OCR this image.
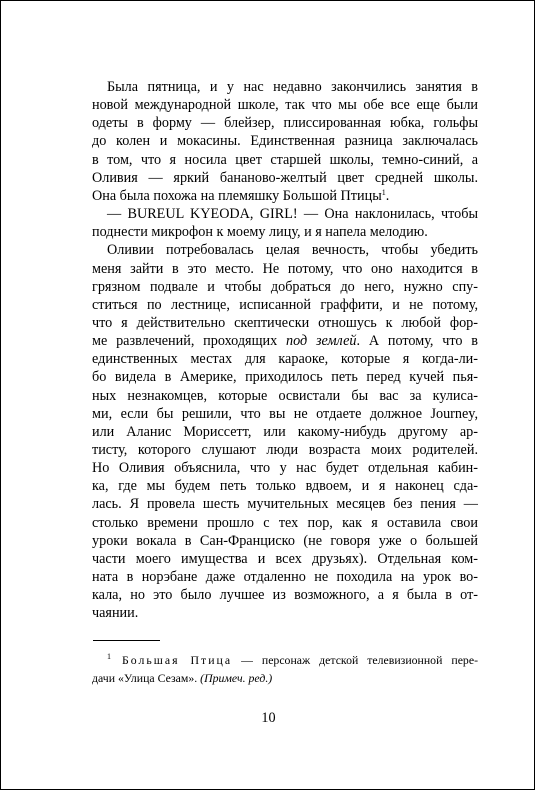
Была пятница, и у нас недавно закончились занятия в
новой международной школе, так что мы обе все еще были
одеты в форму — блейзер, плиссированная юбка, гольфы
до колен и мокасины. Единственная разница заключалась
в том, что я носила цвет старшей школы, темно-синий, а
Оливия — яркий бананово-желтый цвет средней школы.
Она была похожа на племяшку Большой Птицы$^1$.
— BUREUL KYEODA, GIRL! — Она наклонилась, чтобы
поднести микрофон к моему лицу, и я напела мелодию.
Оливии потребовалась целая вечность, чтобы убедить
меня зайти в это место. Не потому, что оно находится в
грязном подвале и чтобы добраться до него, нужно спу-
ститься по лестнице, исписанной граффити, и не потому,
что я действительно скептически отношусь к любой фор-
ме развлечений, проходящих под землей. А потому, что в
единственных местах для караоке, которые я когда-ли-
бо видела в Америке, приходилось петь перед кучей пья-
ных незнакомцев, которые освистали бы вас за кулиса-
ми, если бы решили, что вы не отдаете должное Journey,
или Аланис Мориссетт, или какому-нибудь другому ар-
тисту, которого слушают люди возраста моих родителей.
Но Оливия объяснила, что у нас будет отдельная кабин-
ка, где мы будем петь только вдвоем, и я наконец сда-
лась. Я провела шесть мучительных месяцев без пения —
столько времени прошло с тех пор, как я оставила свои
уроки вокала в Сан-Франциско (не говоря уже о большей
части моего имущества и всех друзьях). Отдельная ком-
ната в норэбане даже отдаленно не походила на урок во-
кала, но это было лучшее из возможного, а я была в от-
чаянии.
$^1$ Большая Птица — персонаж детской телевизионной пере-
дачи «Улица Сезам». (Примеч. ред.)
10
